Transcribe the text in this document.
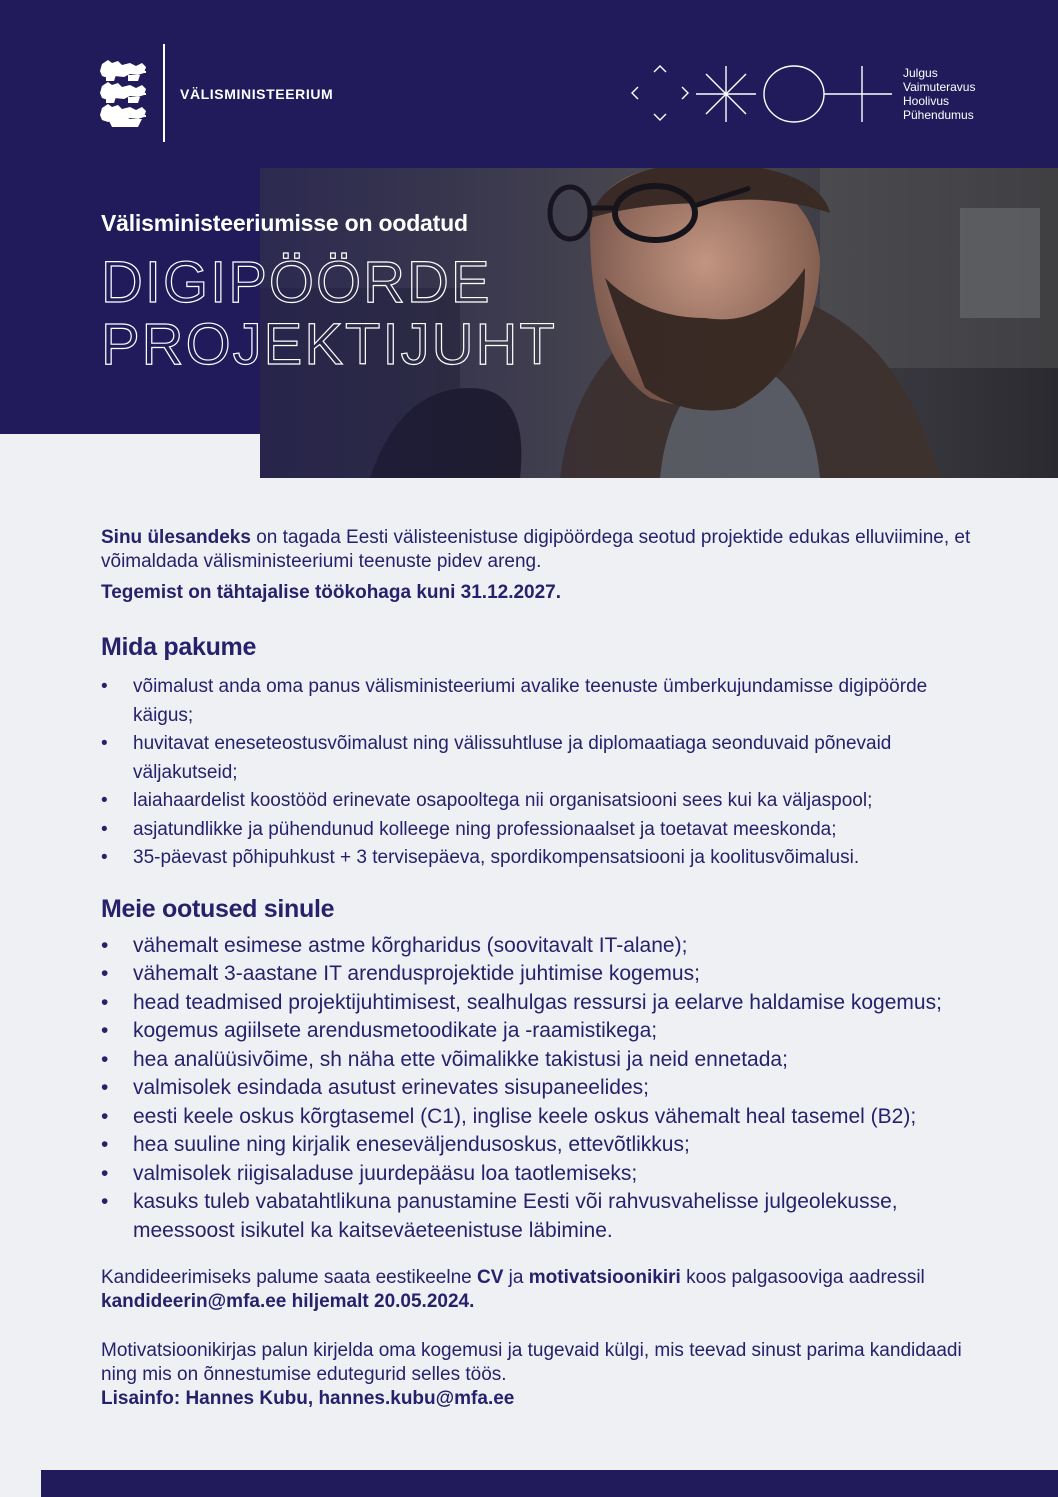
VÄLISMINISTEERIUM
Julgus
Vaimuteravus
Hoolivus
Pühendumus
Välisministeeriumisse on oodatud
DIGIPÖÖRDE
PROJEKTIJUHT

Sinu ülesandeks on tagada Eesti välisteenistuse digipöördega seotud projektide edukas elluviimine, et võimaldada välisministeeriumi teenuste pidev areng.

Tegemist on tähtajalise töökohaga kuni 31.12.2027.

Mida pakume
• võimalust anda oma panus välisministeeriumi avalike teenuste ümberkujundamisse digipöörde käigus;
• huvitavat eneseteostusvõimalust ning välissuhtluse ja diplomaatiaga seonduvaid põnevaid väljakutseid;
• laiahaardelist koostööd erinevate osapooltega nii organisatsiooni sees kui ka väljaspool;
• asjatundlikke ja pühendunud kolleege ning professionaalset ja toetavat meeskonda;
• 35-päevast põhipuhkust + 3 tervisepäeva, spordikompensatsiooni ja koolitusvõimalusi.
Meie ootused sinule
• vähemalt esimese astme kõrgharidus (soovitavalt IT-alane);
• vähemalt 3-aastane IT arendusprojektide juhtimise kogemus;
• head teadmised projektijuhtimisest, sealhulgas ressursi ja eelarve haldamise kogemus;
• kogemus agiilsete arendusmetoodikate ja -raamistikega;
• hea analüüsivõime, sh näha ette võimalikke takistusi ja neid ennetada;
• valmisolek esindada asutust erinevates sisupaneelides;
• eesti keele oskus kõrgtasemel (C1), inglise keele oskus vähemalt heal tasemel (B2);
• hea suuline ning kirjalik eneseväljendusoskus, ettevõtlikkus;
• valmisolek riigisaladuse juurdepääsu loa taotlemiseks;
• kasuks tuleb vabatahtlikuna panustamine Eesti või rahvusvahelisse julgeolekusse, meessoost isikutel ka kaitseväeteenistuse läbimine.

Kandideerimiseks palume saata eestikeelne CV ja motivatsioonikiri koos palgasooviga aadressil kandideerin@mfa.ee hiljemalt 20.05.2024.

Motivatsioonikirjas palun kirjelda oma kogemusi ja tugevaid külgi, mis teevad sinust parima kandidaadi ning mis on õnnestumise edutegurid selles töös.
Lisainfo: Hannes Kubu, hannes.kubu@mfa.ee
